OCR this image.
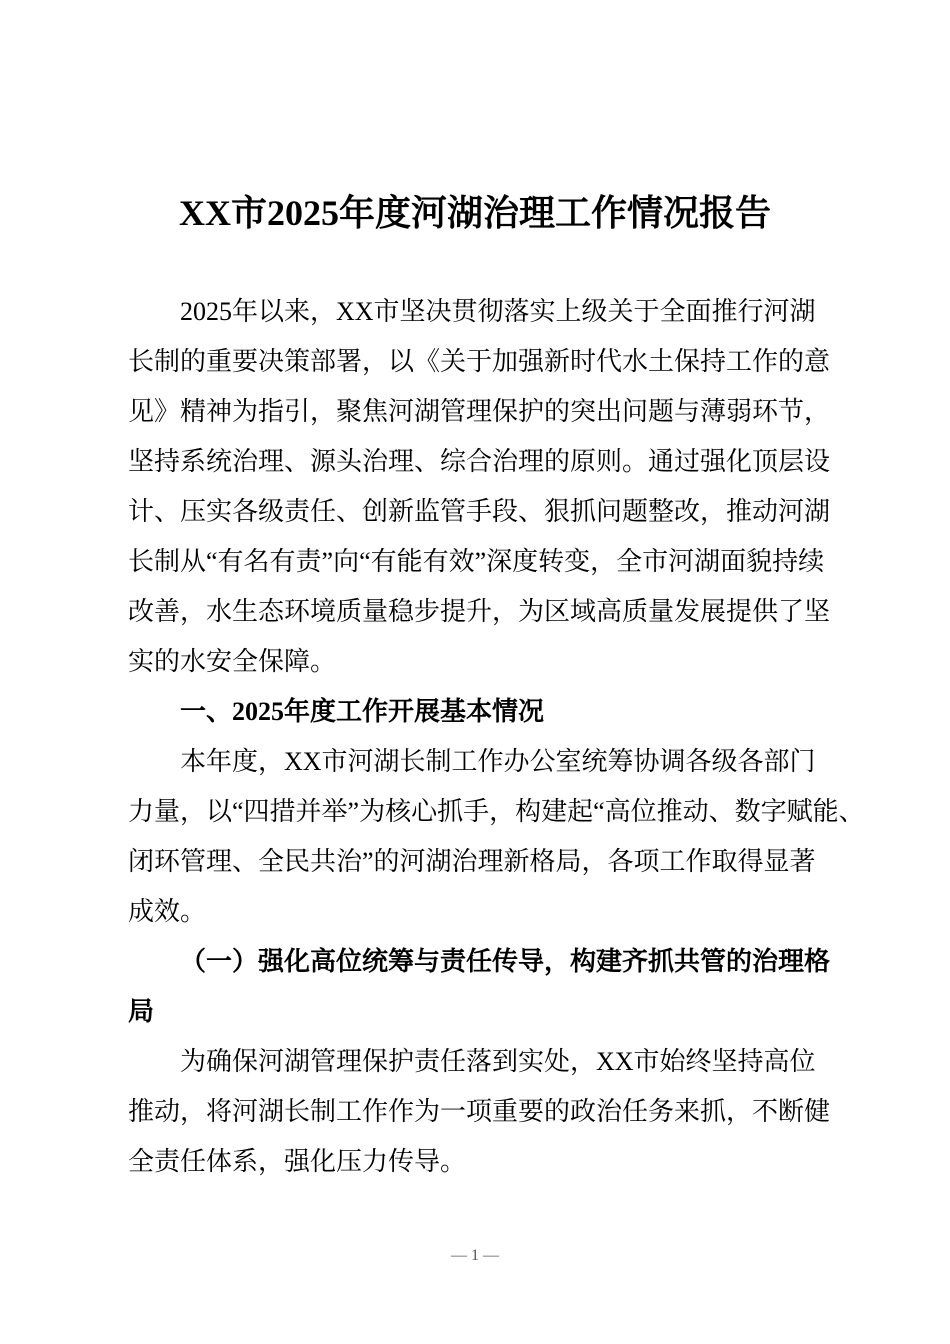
XX市2025年度河湖治理工作情况报告
2025年以来，XX市坚决贯彻落实上级关于全面推行河湖
长制的重要决策部署，以《关于加强新时代水土保持工作的意
见》精神为指引，聚焦河湖管理保护的突出问题与薄弱环节，
坚持系统治理、源头治理、综合治理的原则。通过强化顶层设
计、压实各级责任、创新监管手段、狠抓问题整改，推动河湖
长制从“有名有责”向“有能有效”深度转变，全市河湖面貌持续
改善，水生态环境质量稳步提升，为区域高质量发展提供了坚
实的水安全保障。
一、2025年度工作开展基本情况
本年度，XX市河湖长制工作办公室统筹协调各级各部门
力量，以“四措并举”为核心抓手，构建起“高位推动、数字赋能、
闭环管理、全民共治”的河湖治理新格局，各项工作取得显著
成效。
（一）强化高位统筹与责任传导，构建齐抓共管的治理格
局
为确保河湖管理保护责任落到实处，XX市始终坚持高位
推动，将河湖长制工作作为一项重要的政治任务来抓，不断健
全责任体系，强化压力传导。
— 1 —
